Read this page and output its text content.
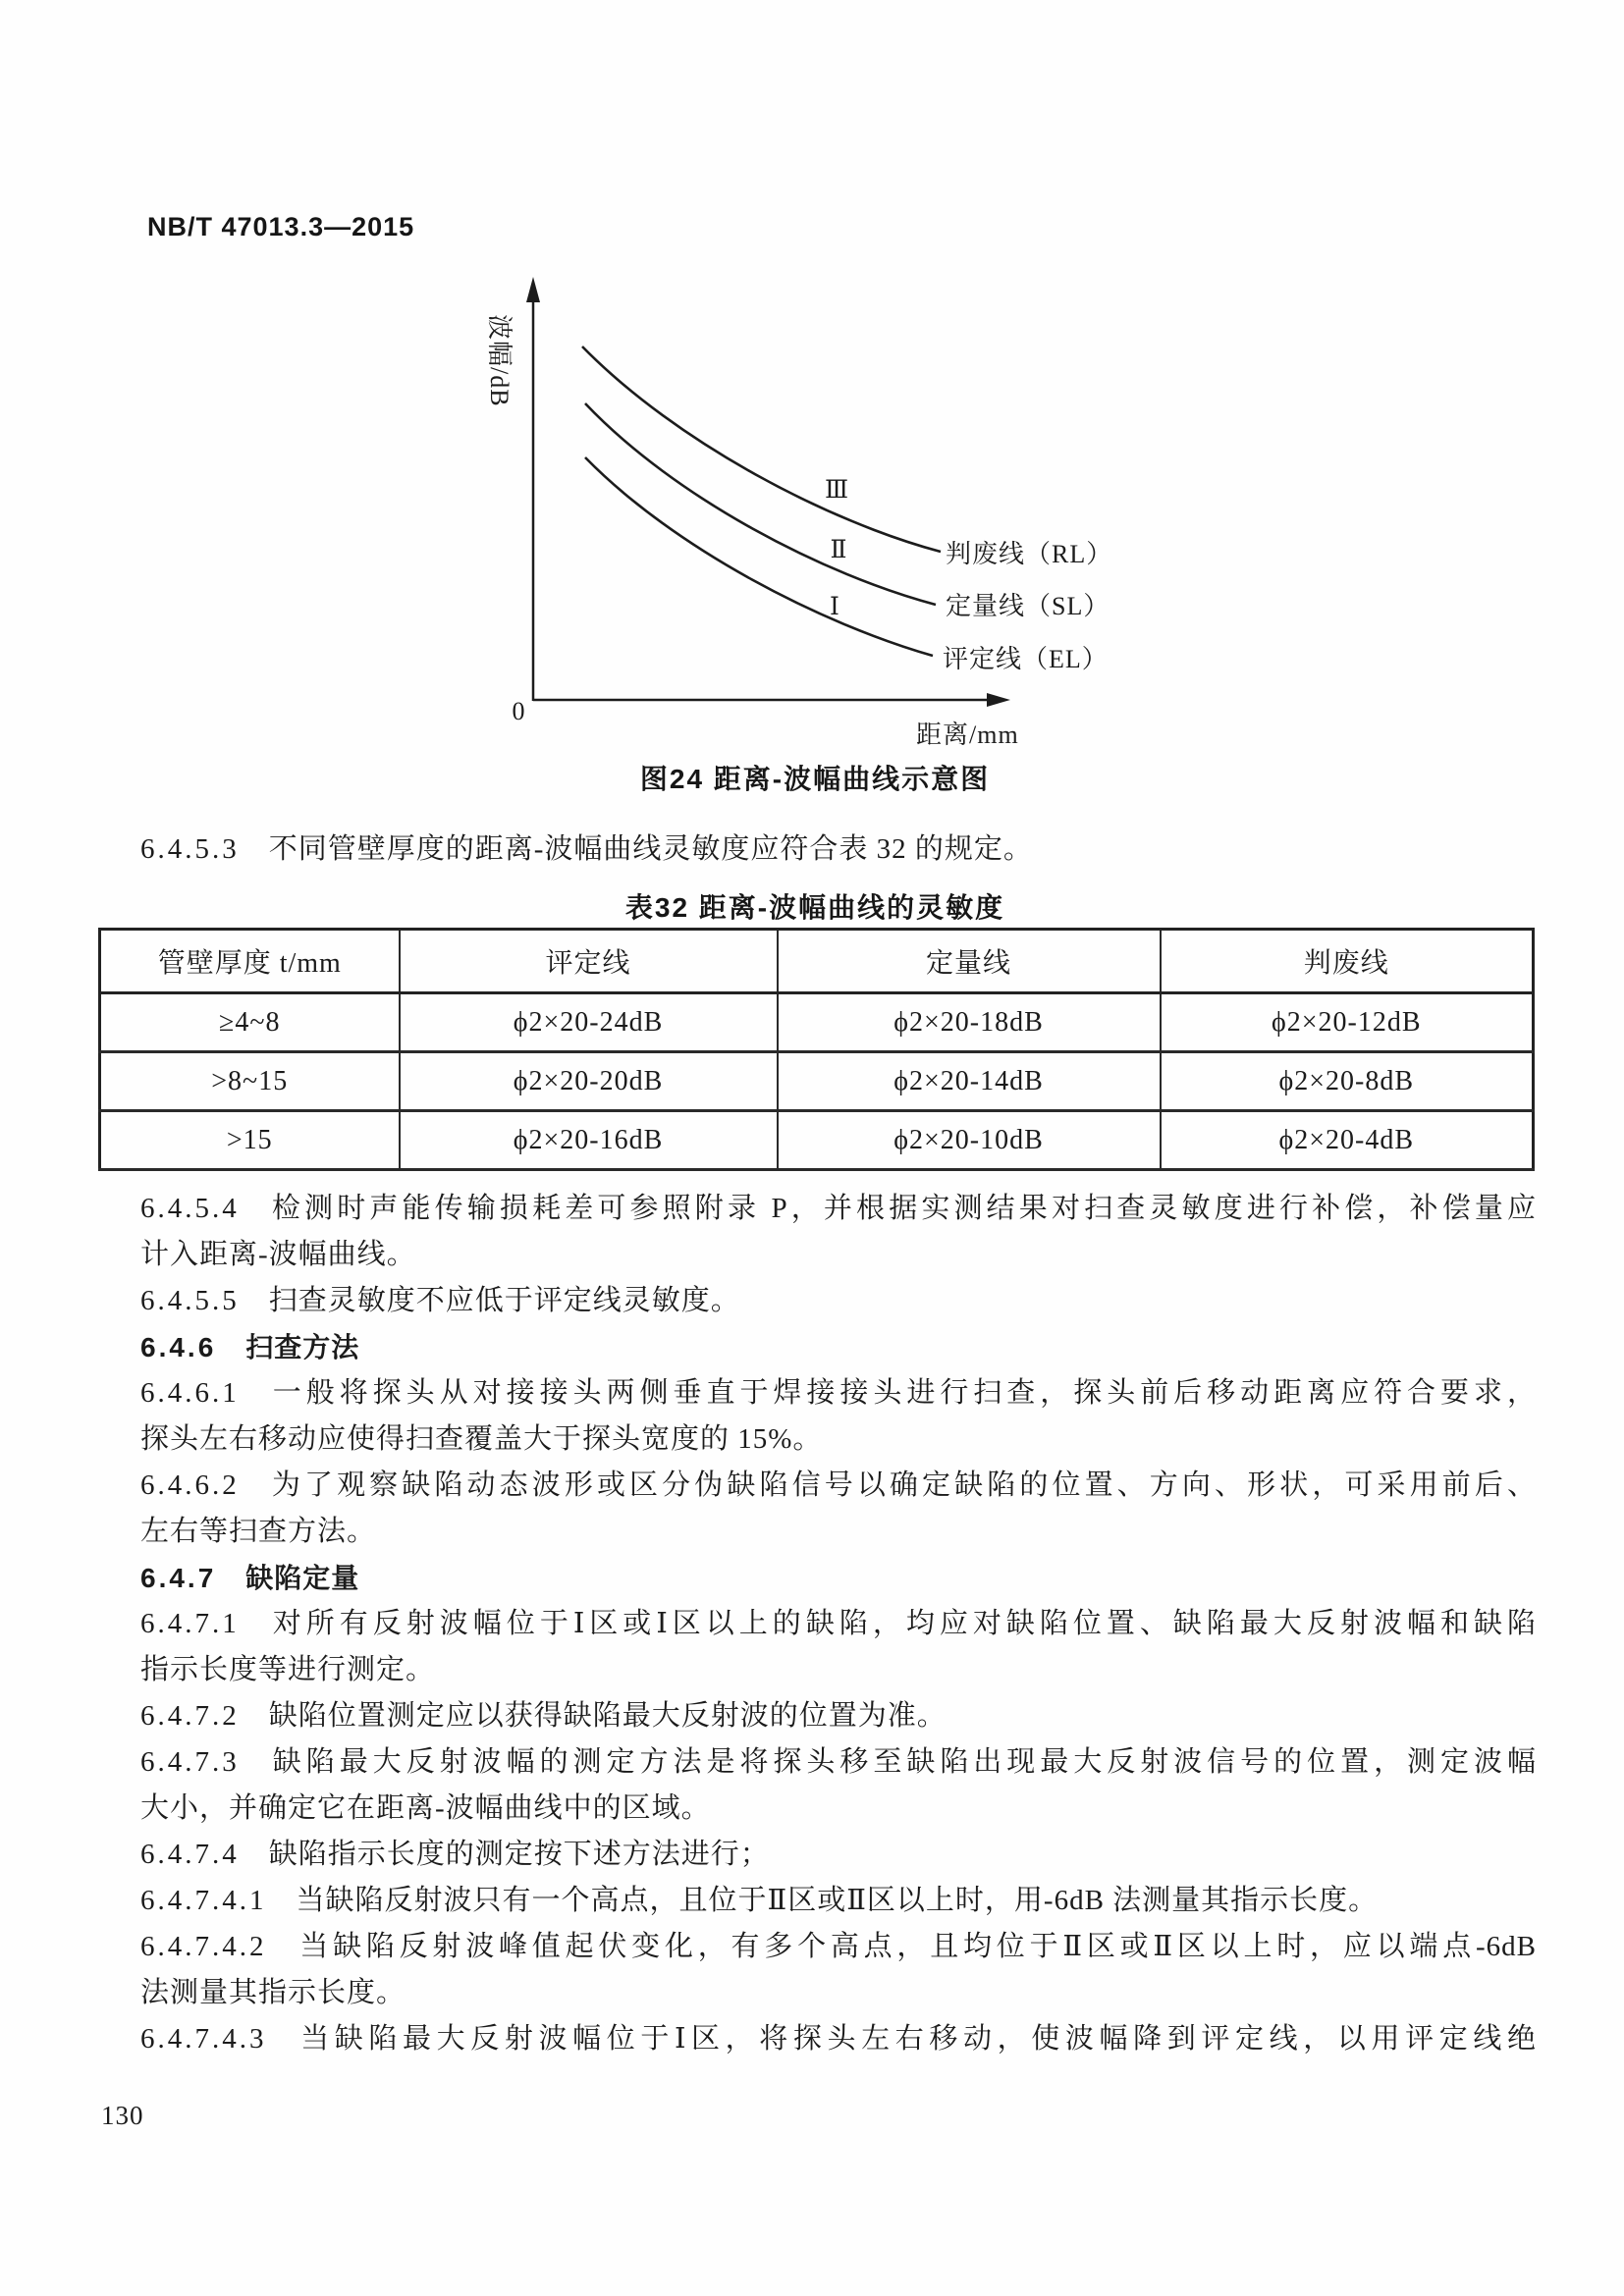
NB/T 47013.3—2015
波幅/dB
距离/mm
0
Ⅲ
Ⅱ
Ⅰ
判废线（RL）
定量线（SL）
评定线（EL）
图24 距离-波幅曲线示意图
6.4.5.3 不同管壁厚度的距离-波幅曲线灵敏度应符合表 32 的规定。
表32 距离-波幅曲线的灵敏度
管壁厚度 t/mm	评定线	定量线	判废线
≥4~8	ϕ2×20-24dB	ϕ2×20-18dB	ϕ2×20-12dB
>8~15	ϕ2×20-20dB	ϕ2×20-14dB	ϕ2×20-8dB
>15	ϕ2×20-16dB	ϕ2×20-10dB	ϕ2×20-4dB
6.4.5.4 检测时声能传输损耗差可参照附录 P，并根据实测结果对扫查灵敏度进行补偿，补偿量应
计入距离-波幅曲线。
6.4.5.5 扫查灵敏度不应低于评定线灵敏度。
6.4.6 扫查方法
6.4.6.1 一般将探头从对接接头两侧垂直于焊接接头进行扫查，探头前后移动距离应符合要求，
探头左右移动应使得扫查覆盖大于探头宽度的 15%。
6.4.6.2 为了观察缺陷动态波形或区分伪缺陷信号以确定缺陷的位置、方向、形状，可采用前后、
左右等扫查方法。
6.4.7 缺陷定量
6.4.7.1 对所有反射波幅位于Ⅰ区或Ⅰ区以上的缺陷，均应对缺陷位置、缺陷最大反射波幅和缺陷
指示长度等进行测定。
6.4.7.2 缺陷位置测定应以获得缺陷最大反射波的位置为准。
6.4.7.3 缺陷最大反射波幅的测定方法是将探头移至缺陷出现最大反射波信号的位置，测定波幅
大小，并确定它在距离-波幅曲线中的区域。
6.4.7.4 缺陷指示长度的测定按下述方法进行；
6.4.7.4.1 当缺陷反射波只有一个高点，且位于Ⅱ区或Ⅱ区以上时，用-6dB 法测量其指示长度。
6.4.7.4.2 当缺陷反射波峰值起伏变化，有多个高点，且均位于Ⅱ区或Ⅱ区以上时，应以端点-6dB
法测量其指示长度。
6.4.7.4.3 当缺陷最大反射波幅位于Ⅰ区，将探头左右移动，使波幅降到评定线，以用评定线绝
130
